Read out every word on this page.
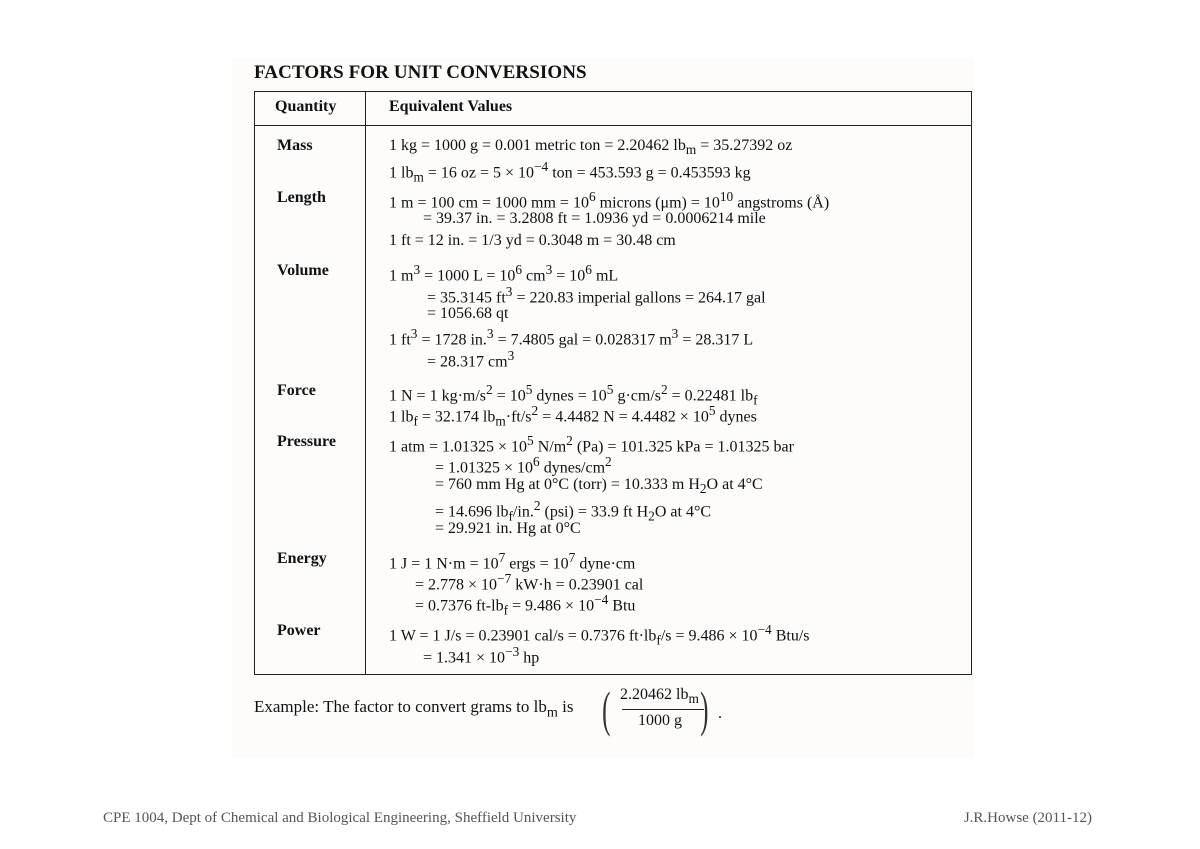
FACTORS FOR UNIT CONVERSIONS
Quantity	Equivalent Values
Mass	1 kg = 1000 g = 0.001 metric ton = 2.20462 $lb_m = 35.27392$ oz
1 $lb_m = 16$ oz = $5 \times 10^{-4}$ ton = 453.593 g = 0.453593 kg
Length	1 m = 100 cm = 1000 mm = $10^6$ microns $(\mu m) = 10^{10}$ angstroms (Å)
= 39.37 in. = 3.2808 ft = 1.0936 yd = 0.0006214 mile
1 ft = 12 in. = 1/3 yd = 0.3048 m = 30.48 cm
Volume	1 $m^3 = 1000$ $L = 10^6$ $cm^3 = 10^6$ mL
= 35.3145 $ft^3 = 220.83$ imperial gallons = 264.17 gal
= 1056.68 qt
1 $ft^3 = 1728$ in.$^3$ = 7.4805 gal = 0.028317 $m^3 = 28.317$ L
= 28.317 $cm^3$
Force	1 N = 1 $kg\cdot m/s^2 = 10^5$ dynes = $10^5$ $g\cdot cm/s^2 = 0.22481$ $lb_f$
1 $lb_f = 32.174$ $lb_m\cdot ft/s^2 = 4.4482$ $N = 4.4482 \times 10^5$ dynes
Pressure	1 atm = $1.01325 \times 10^5$ $N/m^2$ (Pa) = 101.325 kPa = 1.01325 bar
= $1.01325 \times 10^6$ dynes/$cm^2$
= 760 mm Hg at 0°C (torr) = 10.333 m $H_2O$ at 4°C
= 14.696 $lb_f/in.^2$ (psi) = 33.9 ft $H_2O$ at 4°C
= 29.921 in. Hg at 0°C
Energy	1 J = 1 $N\cdot m = 10^7$ ergs = $10^7$ dyne·cm
= $2.778 \times 10^{-7}$ kW·h = 0.23901 cal
= 0.7376 $ft-lb_f = 9.486 \times 10^{-4}$ Btu
Power	1 W = 1 J/s = 0.23901 cal/s = 0.7376 $ft\cdot lb_f/s = 9.486 \times 10^{-4}$ Btu/s
= $1.341 \times 10^{-3}$ hp
Example: The factor to convert grams to $lb_m$ is ( 2.20462 $lb_m$
1000 g ) .
CPE 1004, Dept of Chemical and Biological Engineering, Sheffield University	J.R.Howse (2011-12)
